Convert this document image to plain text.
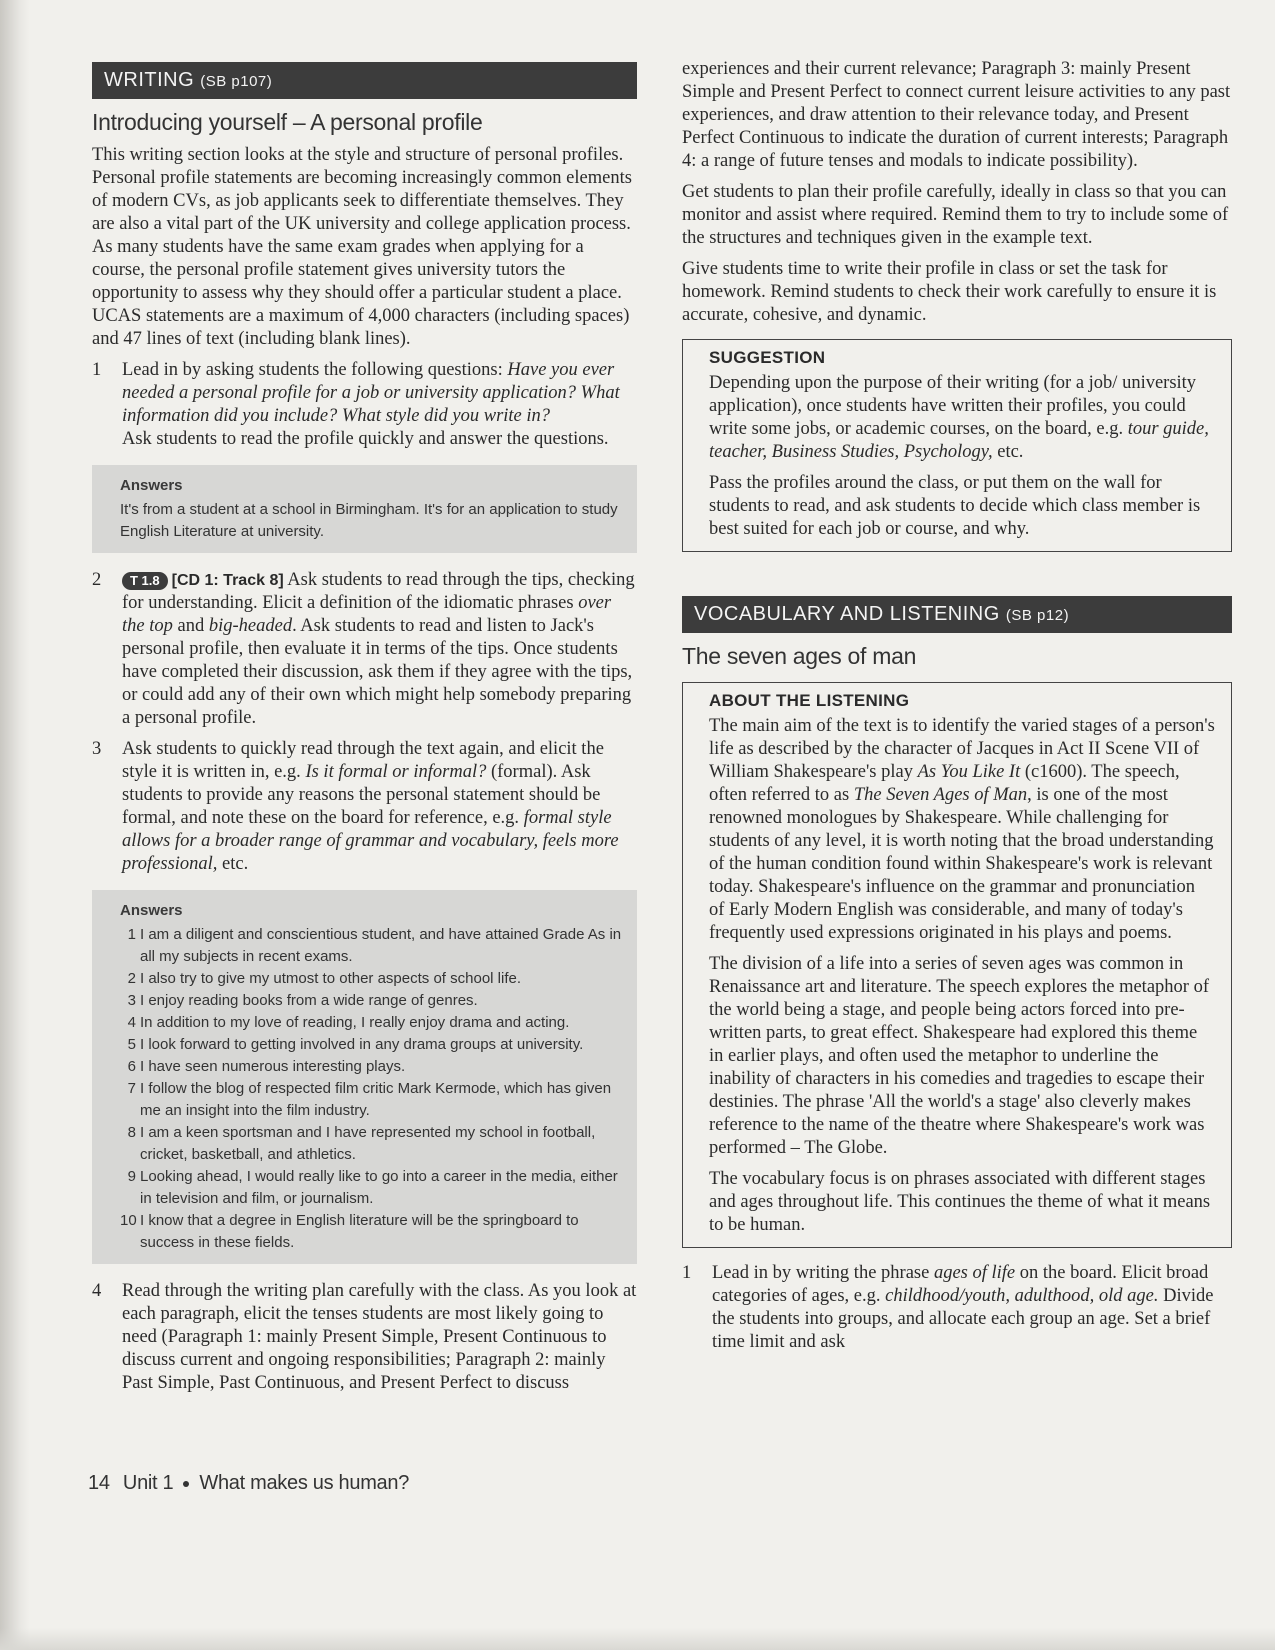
WRITING (SB p107)
Introducing yourself – A personal profile

This writing section looks at the style and structure of personal profiles. Personal profile statements are becoming increasingly common elements of modern CVs, as job applicants seek to differentiate themselves. They are also a vital part of the UK university and college application process. As many students have the same exam grades when applying for a course, the personal profile statement gives university tutors the opportunity to assess why they should offer a particular student a place. UCAS statements are a maximum of 4,000 characters (including spaces) and 47 lines of text (including blank lines).

1 Lead in by asking students the following questions: Have you ever needed a personal profile for a job or university application? What information did you include? What style did you write in?

Ask students to read the profile quickly and answer the questions.

Answers
It's from a student at a school in Birmingham. It's for an application to study English Literature at university.
2	T 1.8 [CD 1: Track 8] Ask students to read through the tips, checking for understanding. Elicit a definition of the idiomatic phrases over the top and big-headed. Ask students to read and listen to Jack's personal profile, then evaluate it in terms of the tips. Once students have completed their discussion, ask them if they agree with the tips, or could add any of their own which might help somebody preparing a personal profile.

3 Ask students to quickly read through the text again, and elicit the style it is written in, e.g. Is it formal or informal? (formal). Ask students to provide any reasons the personal statement should be formal, and note these on the board for reference, e.g. formal style allows for a broader range of grammar and vocabulary, feels more professional, etc.

Answers
1 I am a diligent and conscientious student, and have attained Grade As in all my subjects in recent exams.
2 I also try to give my utmost to other aspects of school life.
3 I enjoy reading books from a wide range of genres.
4 In addition to my love of reading, I really enjoy drama and acting.
5 I look forward to getting involved in any drama groups at university.
6 I have seen numerous interesting plays.
7 I follow the blog of respected film critic Mark Kermode, which has given me an insight into the film industry.
8 I am a keen sportsman and I have represented my school in football, cricket, basketball, and athletics.
9 Looking ahead, I would really like to go into a career in the media, either in television and film, or journalism.
10 I know that a degree in English literature will be the springboard to success in these fields.
4 Read through the writing plan carefully with the class. As you look at each paragraph, elicit the tenses students are most likely going to need (Paragraph 1: mainly Present Simple, Present Continuous to discuss current and ongoing responsibilities; Paragraph 2: mainly Past Simple, Past Continuous, and Present Perfect to discuss

experiences and their current relevance; Paragraph 3: mainly Present Simple and Present Perfect to connect current leisure activities to any past experiences, and draw attention to their relevance today, and Present Perfect Continuous to indicate the duration of current interests; Paragraph 4: a range of future tenses and modals to indicate possibility).

Get students to plan their profile carefully, ideally in class so that you can monitor and assist where required. Remind them to try to include some of the structures and techniques given in the example text.

Give students time to write their profile in class or set the task for homework. Remind students to check their work carefully to ensure it is accurate, cohesive, and dynamic.

SUGGESTION

Depending upon the purpose of their writing (for a job/ university application), once students have written their profiles, you could write some jobs, or academic courses, on the board, e.g. tour guide, teacher, Business Studies, Psychology, etc.

Pass the profiles around the class, or put them on the wall for students to read, and ask students to decide which class member is best suited for each job or course, and why.

VOCABULARY AND LISTENING (SB p12)
The seven ages of man
ABOUT THE LISTENING

The main aim of the text is to identify the varied stages of a person's life as described by the character of Jacques in Act II Scene VII of William Shakespeare's play As You Like It (c1600). The speech, often referred to as The Seven Ages of Man, is one of the most renowned monologues by Shakespeare. While challenging for students of any level, it is worth noting that the broad understanding of the human condition found within Shakespeare's work is relevant today. Shakespeare's influence on the grammar and pronunciation of Early Modern English was considerable, and many of today's frequently used expressions originated in his plays and poems.

The division of a life into a series of seven ages was common in Renaissance art and literature. The speech explores the metaphor of the world being a stage, and people being actors forced into pre-written parts, to great effect. Shakespeare had explored this theme in earlier plays, and often used the metaphor to underline the inability of characters in his comedies and tragedies to escape their destinies. The phrase 'All the world's a stage' also cleverly makes reference to the name of the theatre where Shakespeare's work was performed – The Globe.

The vocabulary focus is on phrases associated with different stages and ages throughout life. This continues the theme of what it means to be human.

1 Lead in by writing the phrase ages of life on the board. Elicit broad categories of ages, e.g. childhood/youth, adulthood, old age. Divide the students into groups, and allocate each group an age. Set a brief time limit and ask

14 Unit 1 What makes us human?
